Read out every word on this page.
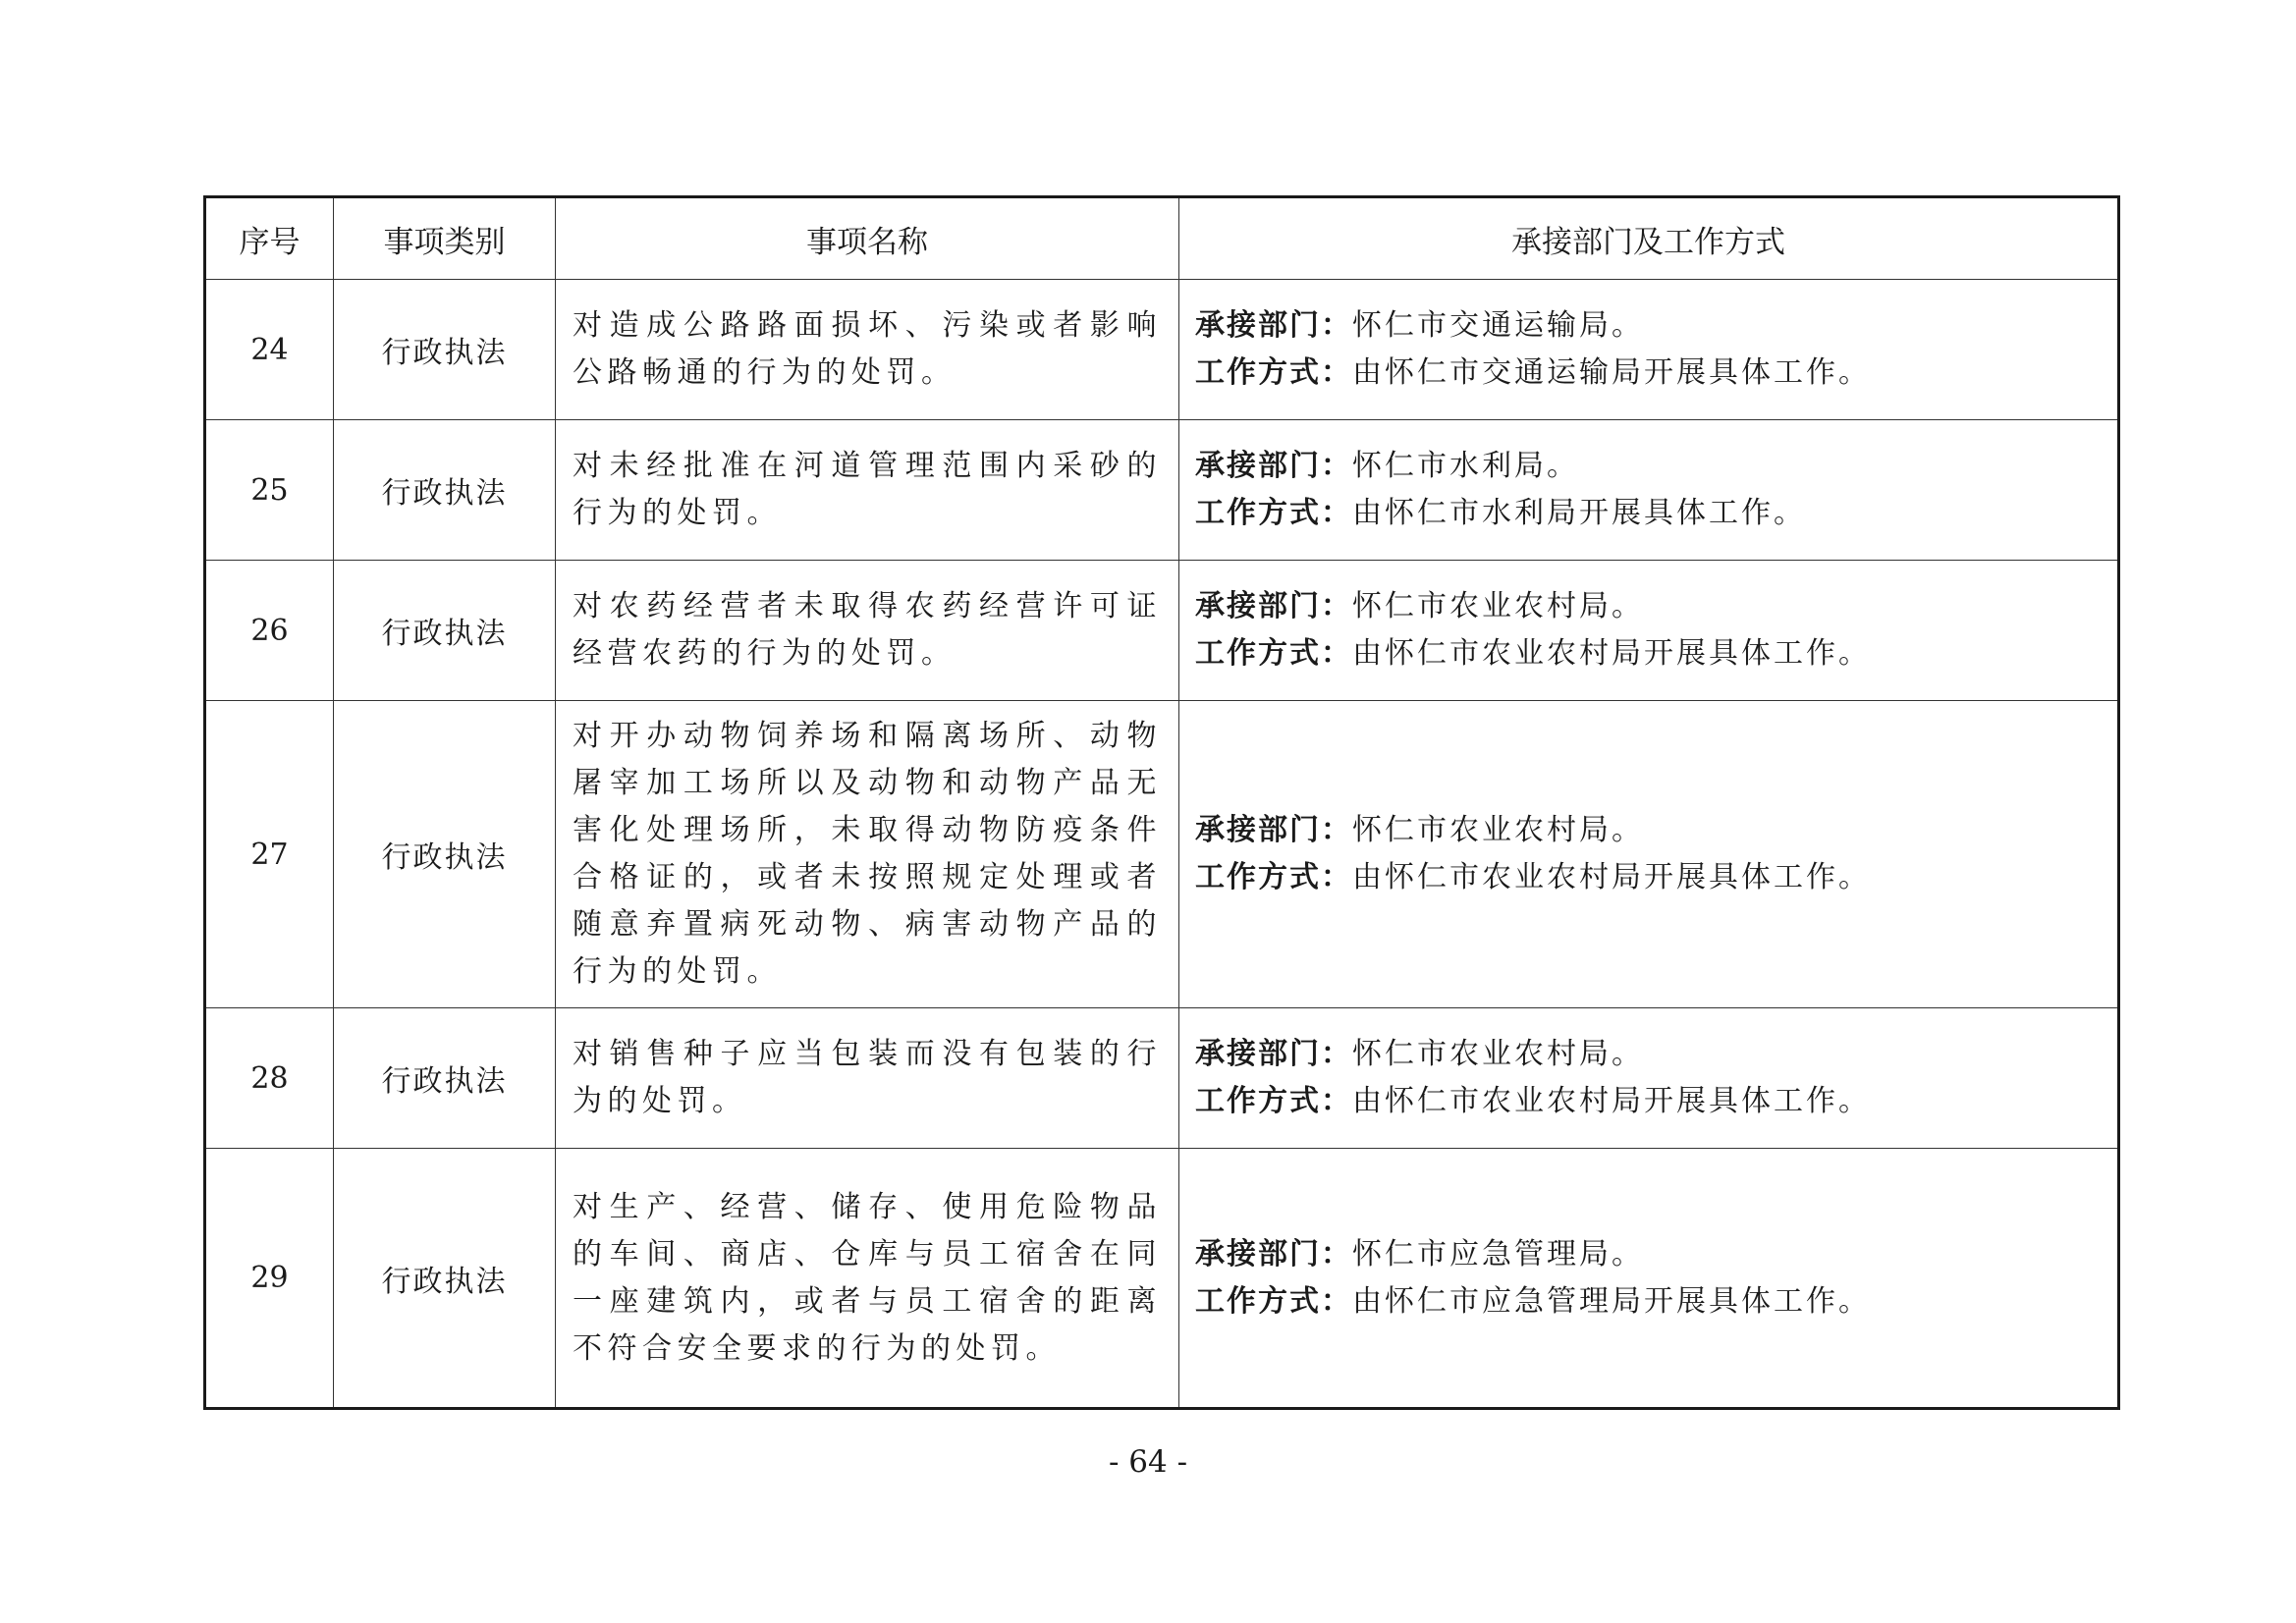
序号	事项类别	事项名称	承接部门及工作方式
24	行政执法	对造成公路路面损坏、污染或者影响公路畅通的行为的处罚。	承接部门：怀仁市交通运输局。
工作方式：由怀仁市交通运输局开展具体工作。

25	行政执法	对未经批准在河道管理范围内采砂的行为的处罚。	承接部门：怀仁市水利局。
工作方式：由怀仁市水利局开展具体工作。

26	行政执法	对农药经营者未取得农药经营许可证经营农药的行为的处罚。	承接部门：怀仁市农业农村局。
工作方式：由怀仁市农业农村局开展具体工作。

27	行政执法	对开办动物饲养场和隔离场所、动物屠宰加工场所以及动物和动物产品无害化处理场所，未取得动物防疫条件合格证的，或者未按照规定处理或者随意弃置病死动物、病害动物产品的行为的处罚。	承接部门：怀仁市农业农村局。
工作方式：由怀仁市农业农村局开展具体工作。

28	行政执法	对销售种子应当包装而没有包装的行为的处罚。	承接部门：怀仁市农业农村局。
工作方式：由怀仁市农业农村局开展具体工作。

29	行政执法	对生产、经营、储存、使用危险物品的车间、商店、仓库与员工宿舍在同一座建筑内，或者与员工宿舍的距离不符合安全要求的行为的处罚。	承接部门：怀仁市应急管理局。
工作方式：由怀仁市应急管理局开展具体工作。
- 64 -
